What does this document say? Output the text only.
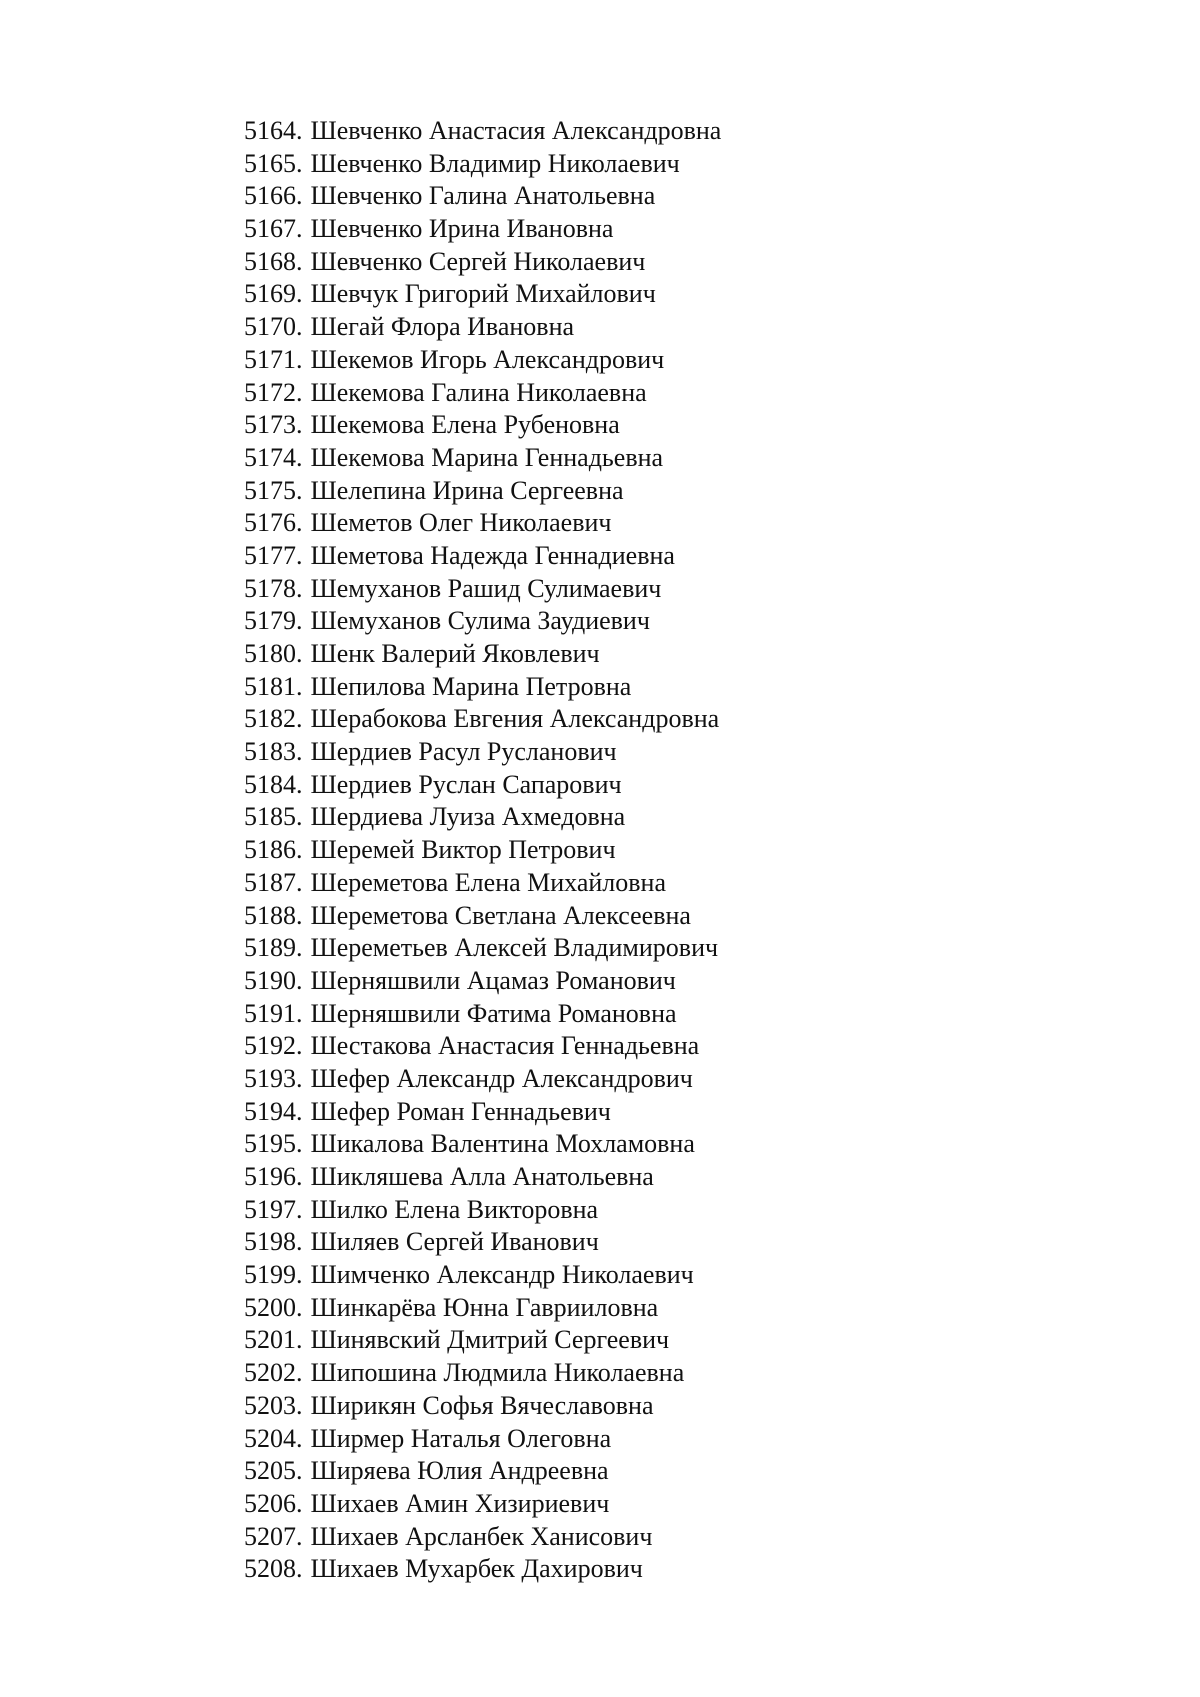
5164. Шевченко Анастасия Александровна
5165. Шевченко Владимир Николаевич
5166. Шевченко Галина Анатольевна
5167. Шевченко Ирина Ивановна
5168. Шевченко Сергей Николаевич
5169. Шевчук Григорий Михайлович
5170. Шегай Флора Ивановна
5171. Шекемов Игорь Александрович
5172. Шекемова Галина Николаевна
5173. Шекемова Елена Рубеновна
5174. Шекемова Марина Геннадьевна
5175. Шелепина Ирина Сергеевна
5176. Шеметов Олег Николаевич
5177. Шеметова Надежда Геннадиевна
5178. Шемуханов Рашид Сулимаевич
5179. Шемуханов Сулима Заудиевич
5180. Шенк Валерий Яковлевич
5181. Шепилова Марина Петровна
5182. Шерабокова Евгения Александровна
5183. Шердиев Расул Русланович
5184. Шердиев Руслан Сапарович
5185. Шердиева Луиза Ахмедовна
5186. Шеремей Виктор Петрович
5187. Шереметова Елена Михайловна
5188. Шереметова Светлана Алексеевна
5189. Шереметьев Алексей Владимирович
5190. Шерняшвили Ацамаз Романович
5191. Шерняшвили Фатима Романовна
5192. Шестакова Анастасия Геннадьевна
5193. Шефер Александр Александрович
5194. Шефер Роман Геннадьевич
5195. Шикалова Валентина Мохламовна
5196. Шикляшева Алла Анатольевна
5197. Шилко Елена Викторовна
5198. Шиляев Сергей Иванович
5199. Шимченко Александр Николаевич
5200. Шинкарёва Юнна Гаврииловна
5201. Шинявский Дмитрий Сергеевич
5202. Шипошина Людмила Николаевна
5203. Ширикян Софья Вячеславовна
5204. Ширмер Наталья Олеговна
5205. Ширяева Юлия Андреевна
5206. Шихаев Амин Хизириевич
5207. Шихаев Арсланбек Ханисович
5208. Шихаев Мухарбек Дахирович
